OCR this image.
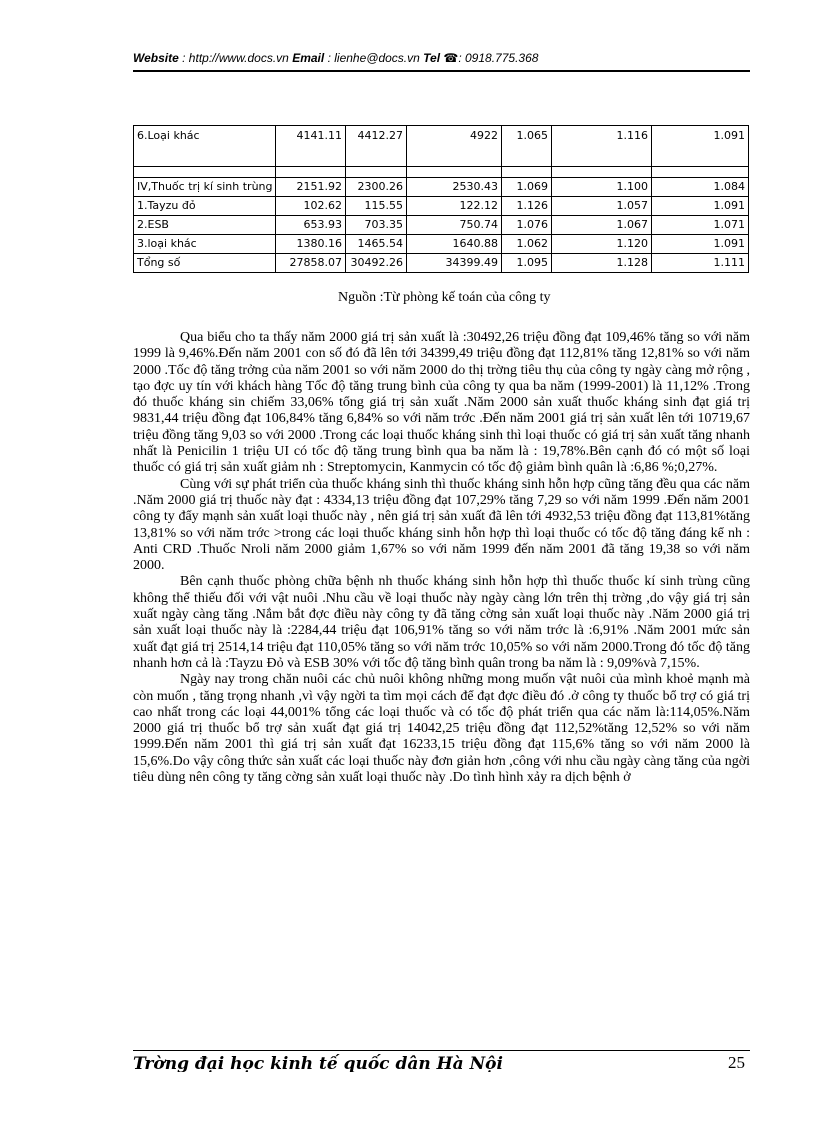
Website : http://www.docs.vn Email : lienhe@docs.vn Tel ☎: 0918.775.368
6.Loại khác	4141.11	4412.27	4922	1.065	1.116	1.091

IV,Thuốc trị kí sinh trùng	2151.92	2300.26	2530.43	1.069	1.100	1.084
1.Tayzu đỏ	102.62	115.55	122.12	1.126	1.057	1.091
2.ESB	653.93	703.35	750.74	1.076	1.067	1.071
3.loại khác	1380.16	1465.54	1640.88	1.062	1.120	1.091
Tổng số	27858.07	30492.26	34399.49	1.095	1.128	1.111
Nguồn :Từ phòng kế toán của công ty

Qua biểu cho ta thấy năm 2000 giá trị sản xuất là :30492,26 triệu đồng đạt 109,46% tăng so với năm 1999 là 9,46%.Đến năm 2001 con số đó đã lên tới 34399,49 triệu đồng đạt 112,81% tăng 12,81% so với năm 2000 .Tốc độ tăng trởng của năm 2001 so với năm 2000 do thị trờng tiêu thụ của công ty ngày càng mở rộng , tạo đợc uy tín với khách hàng Tốc độ tăng trung bình của công ty qua ba năm (1999-2001) là 11,12% .Trong đó thuốc kháng sin chiếm 33,06% tổng giá trị sản xuất .Năm 2000 sản xuất thuốc kháng sinh đạt giá trị 9831,44 triệu đồng đạt 106,84% tăng 6,84% so với năm trớc .Đến năm 2001 giá trị sản xuất lên tới 10719,67 triệu đồng tăng 9,03 so với 2000 .Trong các loại thuốc kháng sinh thì loại thuốc có giá trị sản xuất tăng nhanh nhất là Penicilin 1 triệu UI có tốc độ tăng trung bình qua ba năm là : 19,78%.Bên cạnh đó có một số loại thuốc có giá trị sản xuất giảm nh : Streptomycin, Kanmycin có tốc độ giảm bình quân là :6,86 %;0,27%.

Cùng với sự phát triển của thuốc kháng sinh thì thuốc kháng sinh hỗn hợp cũng tăng đều qua các năm .Năm 2000 giá trị thuốc này đạt : 4334,13 triệu đồng đạt 107,29% tăng 7,29 so với năm 1999 .Đến năm 2001 công ty đẩy mạnh sản xuất loại thuốc này , nên giá trị sản xuất đã lên tới 4932,53 triệu đồng đạt 113,81%tăng 13,81% so với năm trớc >trong các loại thuốc kháng sinh hỗn hợp thì loại thuốc có tốc độ tăng đáng kể nh : Anti CRD .Thuốc Nroli năm 2000 giảm 1,67% so với năm 1999 đến năm 2001 đã tăng 19,38 so với năm 2000.

Bên cạnh thuốc phòng chữa bệnh nh thuốc kháng sinh hỗn hợp thì thuốc thuốc kí sinh trùng cũng không thể thiếu đối với vật nuôi .Nhu cầu về loại thuốc này ngày càng lớn trên thị trờng ,do vậy giá trị sản xuất ngày càng tăng .Nắm bắt đợc điều này công ty đã tăng cờng sản xuất loại thuốc này .Năm 2000 giá trị sản xuất loại thuốc này là :2284,44 triệu đạt 106,91% tăng so với năm trớc là :6,91% .Năm 2001 mức sản xuất đạt giá trị 2514,14 triệu đạt 110,05% tăng so với năm trớc 10,05% so với năm 2000.Trong đó tốc độ tăng nhanh hơn cả là :Tayzu Đỏ và ESB 30% với tốc độ tăng bình quân trong ba năm là : 9,09%và 7,15%.

Ngày nay trong chăn nuôi các chủ nuôi không những mong muốn vật nuôi của mình khoẻ mạnh mà còn muốn , tăng trọng nhanh ,vì vậy ngời ta tìm mọi cách để đạt đợc điều đó .ở công ty thuốc bổ trợ có giá trị cao nhất trong các loại 44,001% tổng các loại thuốc và có tốc độ phát triển qua các năm là:114,05%.Năm 2000 giá trị thuốc bổ trợ sản xuất đạt giá trị 14042,25 triệu đồng đạt 112,52%tăng 12,52% so với năm 1999.Đến năm 2001 thì giá trị sản xuất đạt 16233,15 triệu đồng đạt 115,6% tăng so với năm 2000 là 15,6%.Do vậy công thức sản xuất các loại thuốc này đơn giản hơn ,công với nhu cầu ngày càng tăng của ngời tiêu dùng nên công ty tăng cờng sản xuất loại thuốc này .Do tình hình xảy ra dịch bệnh ở

Trờng đại học kinh tế quốc dân Hà Nội	25
